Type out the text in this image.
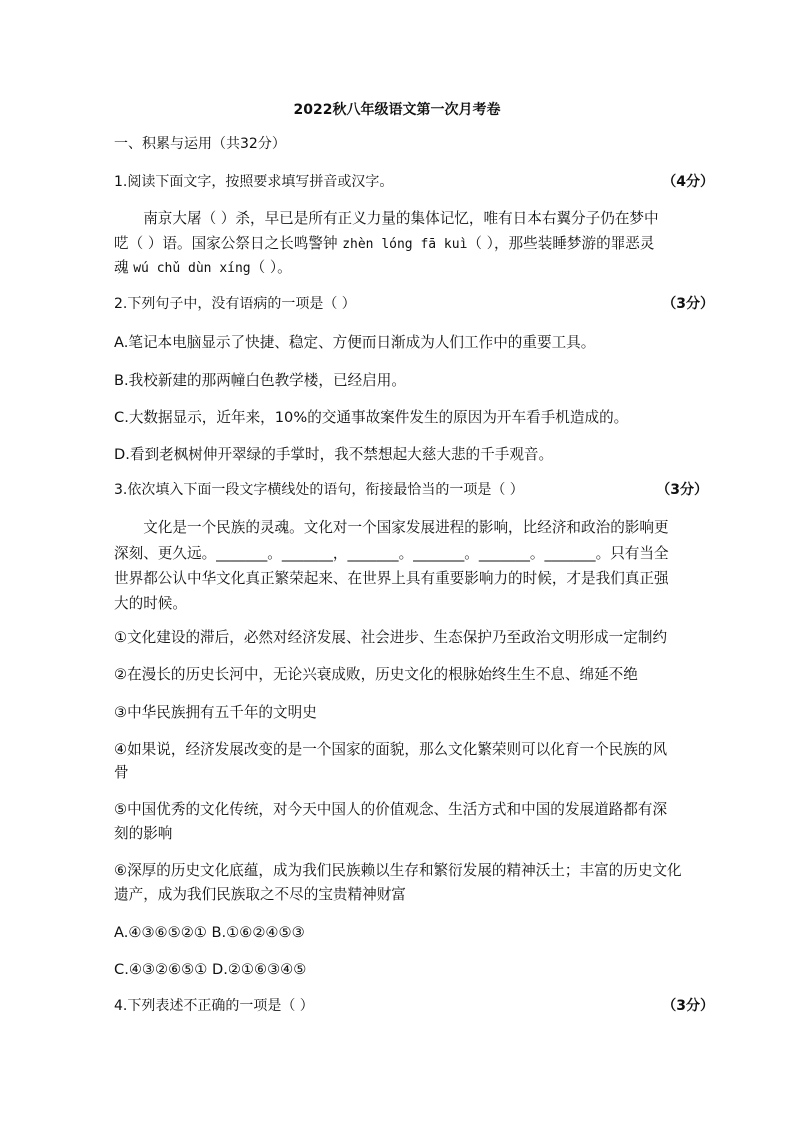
2022秋八年级语文第一次月考卷
一、积累与运用（共32分）
1.阅读下面文字，按照要求填写拼音或汉字。	（4分）
南京大屠（ ）杀，早已是所有正义力量的集体记忆，唯有日本右翼分子仍在梦中
呓（ ）语。国家公祭日之长鸣警钟 zhèn lóng fā kuì（ ），那些装睡梦游的罪恶灵
魂 wú chǔ dùn xíng（ ）。
2.下列句子中，没有语病的一项是（ ）	（3分）
A.笔记本电脑显示了快捷、稳定、方便而日渐成为人们工作中的重要工具。
B.我校新建的那两幢白色教学楼，已经启用。
C.大数据显示，近年来，10%的交通事故案件发生的原因为开车看手机造成的。
D.看到老枫树伸开翠绿的手掌时，我不禁想起大慈大悲的千手观音。
3.依次填入下面一段文字横线处的语句，衔接最恰当的一项是（ ）	（3分）
文化是一个民族的灵魂。文化对一个国家发展进程的影响，比经济和政治的影响更
深刻、更久远。_______。_______，_______。_______。_______。_______。只有当全
世界都公认中华文化真正繁荣起来、在世界上具有重要影响力的时候，才是我们真正强
大的时候。
①文化建设的滞后，必然对经济发展、社会进步、生态保护乃至政治文明形成一定制约
②在漫长的历史长河中，无论兴衰成败，历史文化的根脉始终生生不息、绵延不绝
③中华民族拥有五千年的文明史
④如果说，经济发展改变的是一个国家的面貌，那么文化繁荣则可以化育一个民族的风
骨
⑤中国优秀的文化传统，对今天中国人的价值观念、生活方式和中国的发展道路都有深
刻的影响
⑥深厚的历史文化底蕴，成为我们民族赖以生存和繁衍发展的精神沃土；丰富的历史文化
遗产，成为我们民族取之不尽的宝贵精神财富
A.④③⑥⑤②① B.①⑥②④⑤③
C.④③②⑥⑤① D.②①⑥③④⑤
4.下列表述不正确的一项是（ ）	（3分）
